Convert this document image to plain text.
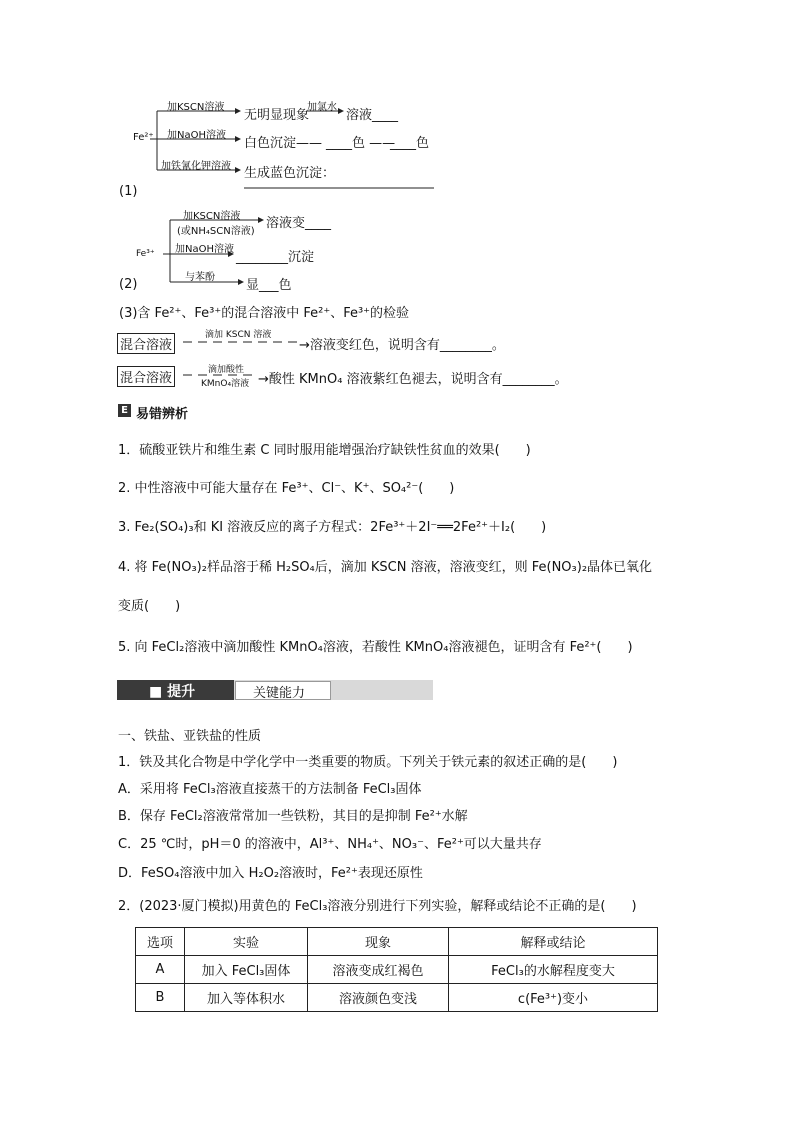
加KSCN溶液
无明显现象
加氯水
溶液____
Fe²⁺ 加NaOH溶液
白色沉淀—— ____色 ——
____色
加铁氰化钾溶液 生成蓝色沉淀：
(1)
加KSCN溶液
(或NH₄SCN溶液)
溶液变____
Fe³⁺ 加NaOH溶液
________沉淀
与苯酚
显___色
(2)
(3)含 Fe²⁺、Fe³⁺的混合溶液中 Fe²⁺、Fe³⁺的检验
混合溶液
滴加 KSCN 溶液
→溶液变红色，说明含有________。
混合溶液
滴加酸性
KMnO₄溶液 →酸性 KMnO₄ 溶液紫红色褪去，说明含有________。
E 易错辨析
1．硫酸亚铁片和维生素 C 同时服用能增强治疗缺铁性贫血的效果(　　)
2. 中性溶液中可能大量存在 Fe³⁺、Cl⁻、K⁺、SO₄²⁻(　　)
3. Fe₂(SO₄)₃和 KI 溶液反应的离子方程式：2Fe³⁺＋2I⁻══2Fe²⁺＋I₂(　　)
4. 将 Fe(NO₃)₂样品溶于稀 H₂SO₄后，滴加 KSCN 溶液，溶液变红，则 Fe(NO₃)₂晶体已氧化
变质(　　)
5. 向 FeCl₂溶液中滴加酸性 KMnO₄溶液，若酸性 KMnO₄溶液褪色，证明含有 Fe²⁺(　　)
■ 提升	关键能力
一、铁盐、亚铁盐的性质
1．铁及其化合物是中学化学中一类重要的物质。下列关于铁元素的叙述正确的是(　　)
A．采用将 FeCl₃溶液直接蒸干的方法制备 FeCl₃固体
B．保存 FeCl₂溶液常常加一些铁粉，其目的是抑制 Fe²⁺水解
C．25 ℃时，pH＝0 的溶液中，Al³⁺、NH₄⁺、NO₃⁻、Fe²⁺可以大量共存
D．FeSO₄溶液中加入 H₂O₂溶液时，Fe²⁺表现还原性
2．(2023·厦门模拟)用黄色的 FeCl₃溶液分别进行下列实验，解释或结论不正确的是(　　)
选项	实验	现象	解释或结论
A	加入 FeCl₃固体	溶液变成红褐色	FeCl₃的水解程度变大
B	加入等体积水	溶液颜色变浅	c(Fe³⁺)变小
